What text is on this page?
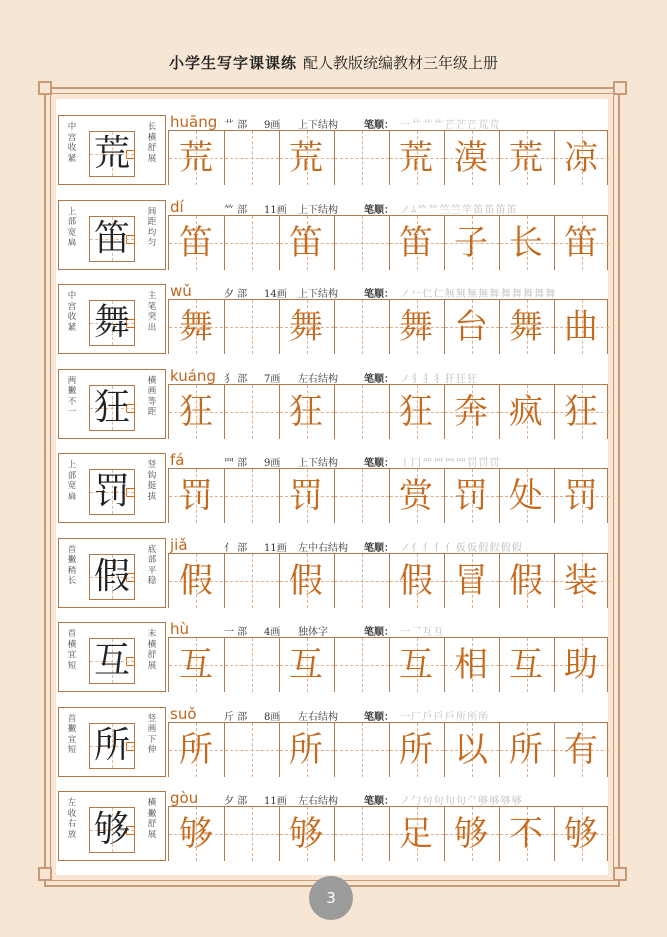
小学生写字课课练 配人教版统编教材三年级上册
中宫收紧 荒
长横舒展
huāng 艹 部 9画 上下结构	笔顺： 一 艹 艹 艹 芒 芒 芒 荒 荒
荒 荒 荒 漠 荒 凉
上部宽扁 笛
间距均匀
dí	⺮ 部 11画 上下结构	笔顺： ノ ﾑ ⺮ ⺮ 竺 竺 竿 笛 笛 笛 笛
笛 笛 笛 子 长 笛
中宫收紧 舞
主笔突出
wǔ	夕 部 14画 上下结构	笔顺： ノ 𠂉 仁 仁 無 無 無 無 舞 舞 舞 舞 舞 舞
舞 舞 舞 台 舞 曲
两撇不一 狂
横画等距
kuáng 犭 部 7画 左右结构	笔顺： ノ 犭 犭 犭 犴 狂 狂
狂 狂 狂 奔 疯 狂
上部宽扁 罚
竖钩挺拔
fá	罒 部 9画 上下结构	笔顺： 丨 冂 罒 罒 罒 罒 罚 罚 罚
罚 罚 赏 罚 处 罚
首撇稍长 假
底部平稳
jiǎ	亻 部 11画 左中右结构 笔顺： ノ 亻 亻 亻 亻 仮 仮 假 假 假 假
假 假 假 冒 假 装
首横宜短 互
末横舒展
hù	一 部 4画 独体字	笔顺： 一 乛 互 互
互 互 互 相 互 助
首撇宜短 所
竖画下伸
suǒ	斤 部 8画 左右结构	笔顺： 一 厂 戶 戶 戶 所 所 所
所 所 所 以 所 有
左收右放 够
横撇舒展
gòu	夕 部 11画 左右结构	笔顺： ノ 勹 句 句 句 句 ⺈ 够 够 够 够
够 够 足 够 不 够
3
